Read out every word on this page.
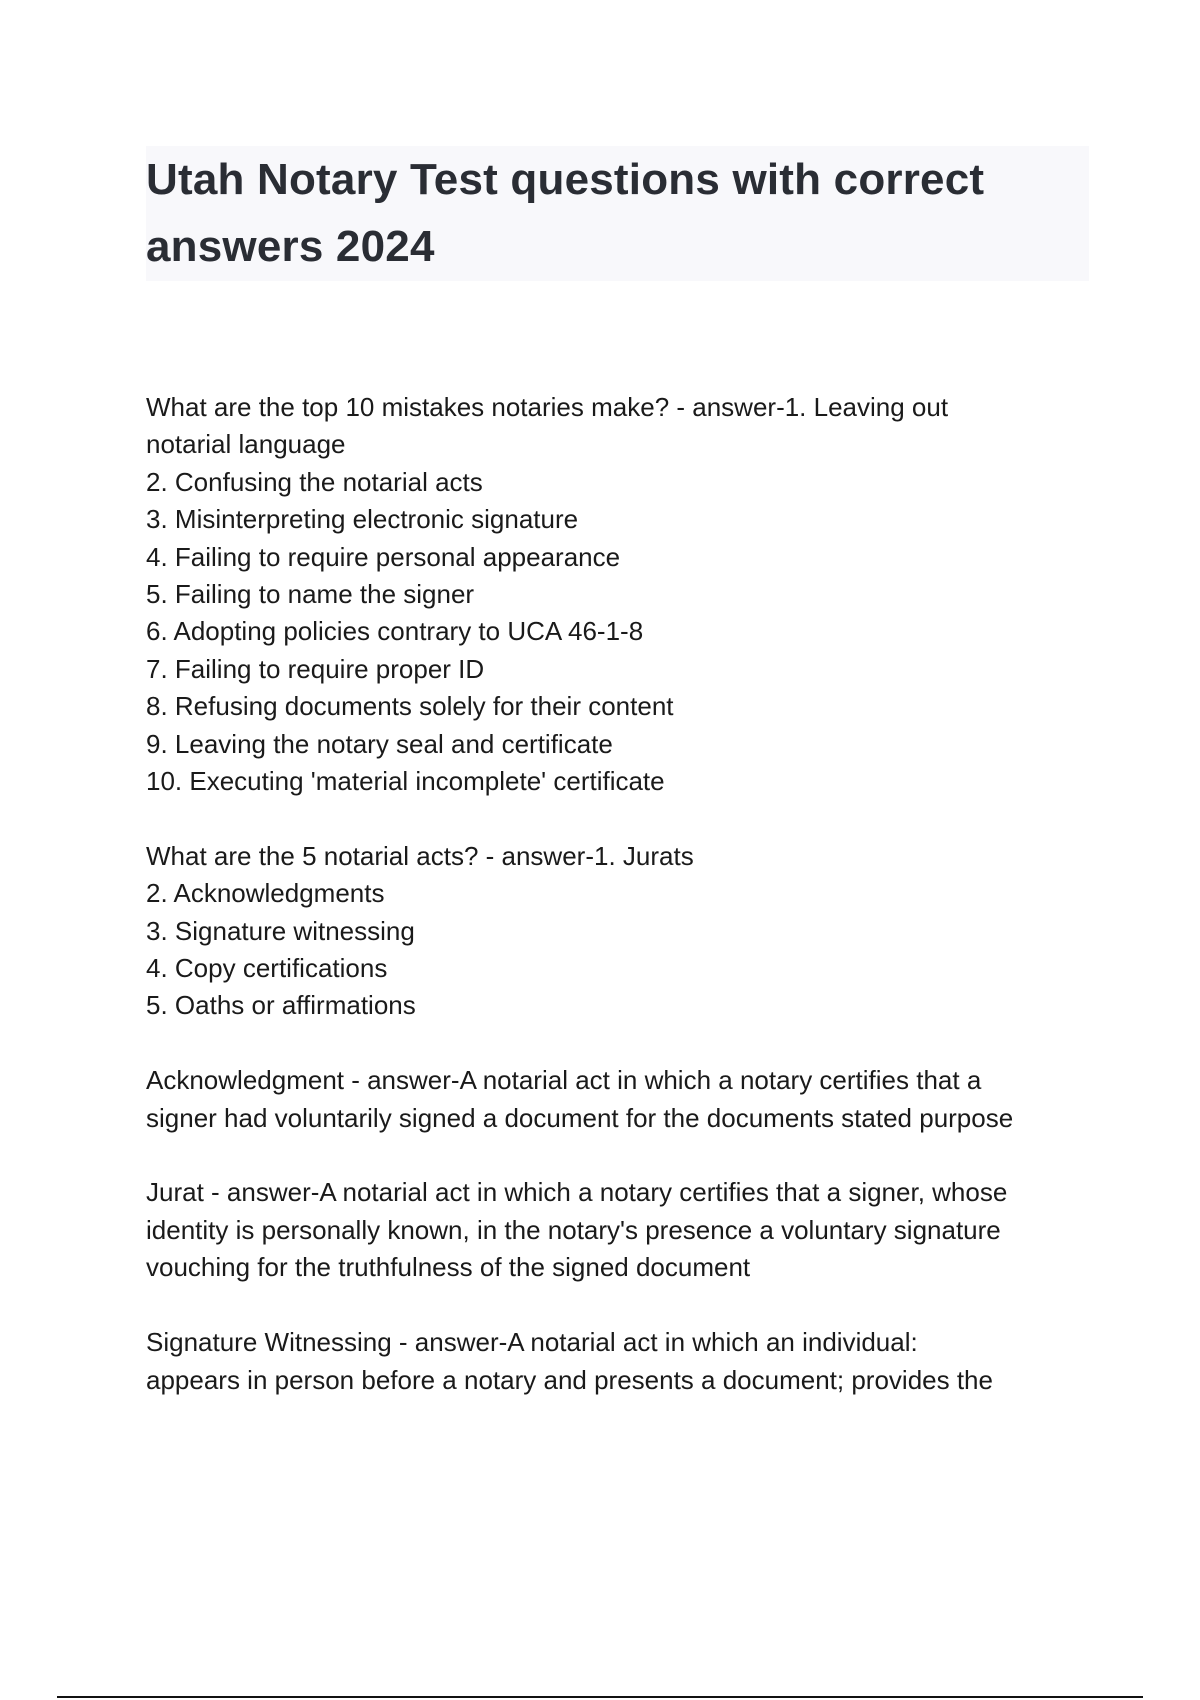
Utah Notary Test questions with correct
answers 2024
What are the top 10 mistakes notaries make? - answer-1. Leaving out
notarial language
2. Confusing the notarial acts
3. Misinterpreting electronic signature
4. Failing to require personal appearance
5. Failing to name the signer
6. Adopting policies contrary to UCA 46-1-8
7. Failing to require proper ID
8. Refusing documents solely for their content
9. Leaving the notary seal and certificate
10. Executing 'material incomplete' certificate
What are the 5 notarial acts? - answer-1. Jurats
2. Acknowledgments
3. Signature witnessing
4. Copy certifications
5. Oaths or affirmations
Acknowledgment - answer-A notarial act in which a notary certifies that a
signer had voluntarily signed a document for the documents stated purpose
Jurat - answer-A notarial act in which a notary certifies that a signer, whose
identity is personally known, in the notary's presence a voluntary signature
vouching for the truthfulness of the signed document
Signature Witnessing - answer-A notarial act in which an individual:
appears in person before a notary and presents a document; provides the
